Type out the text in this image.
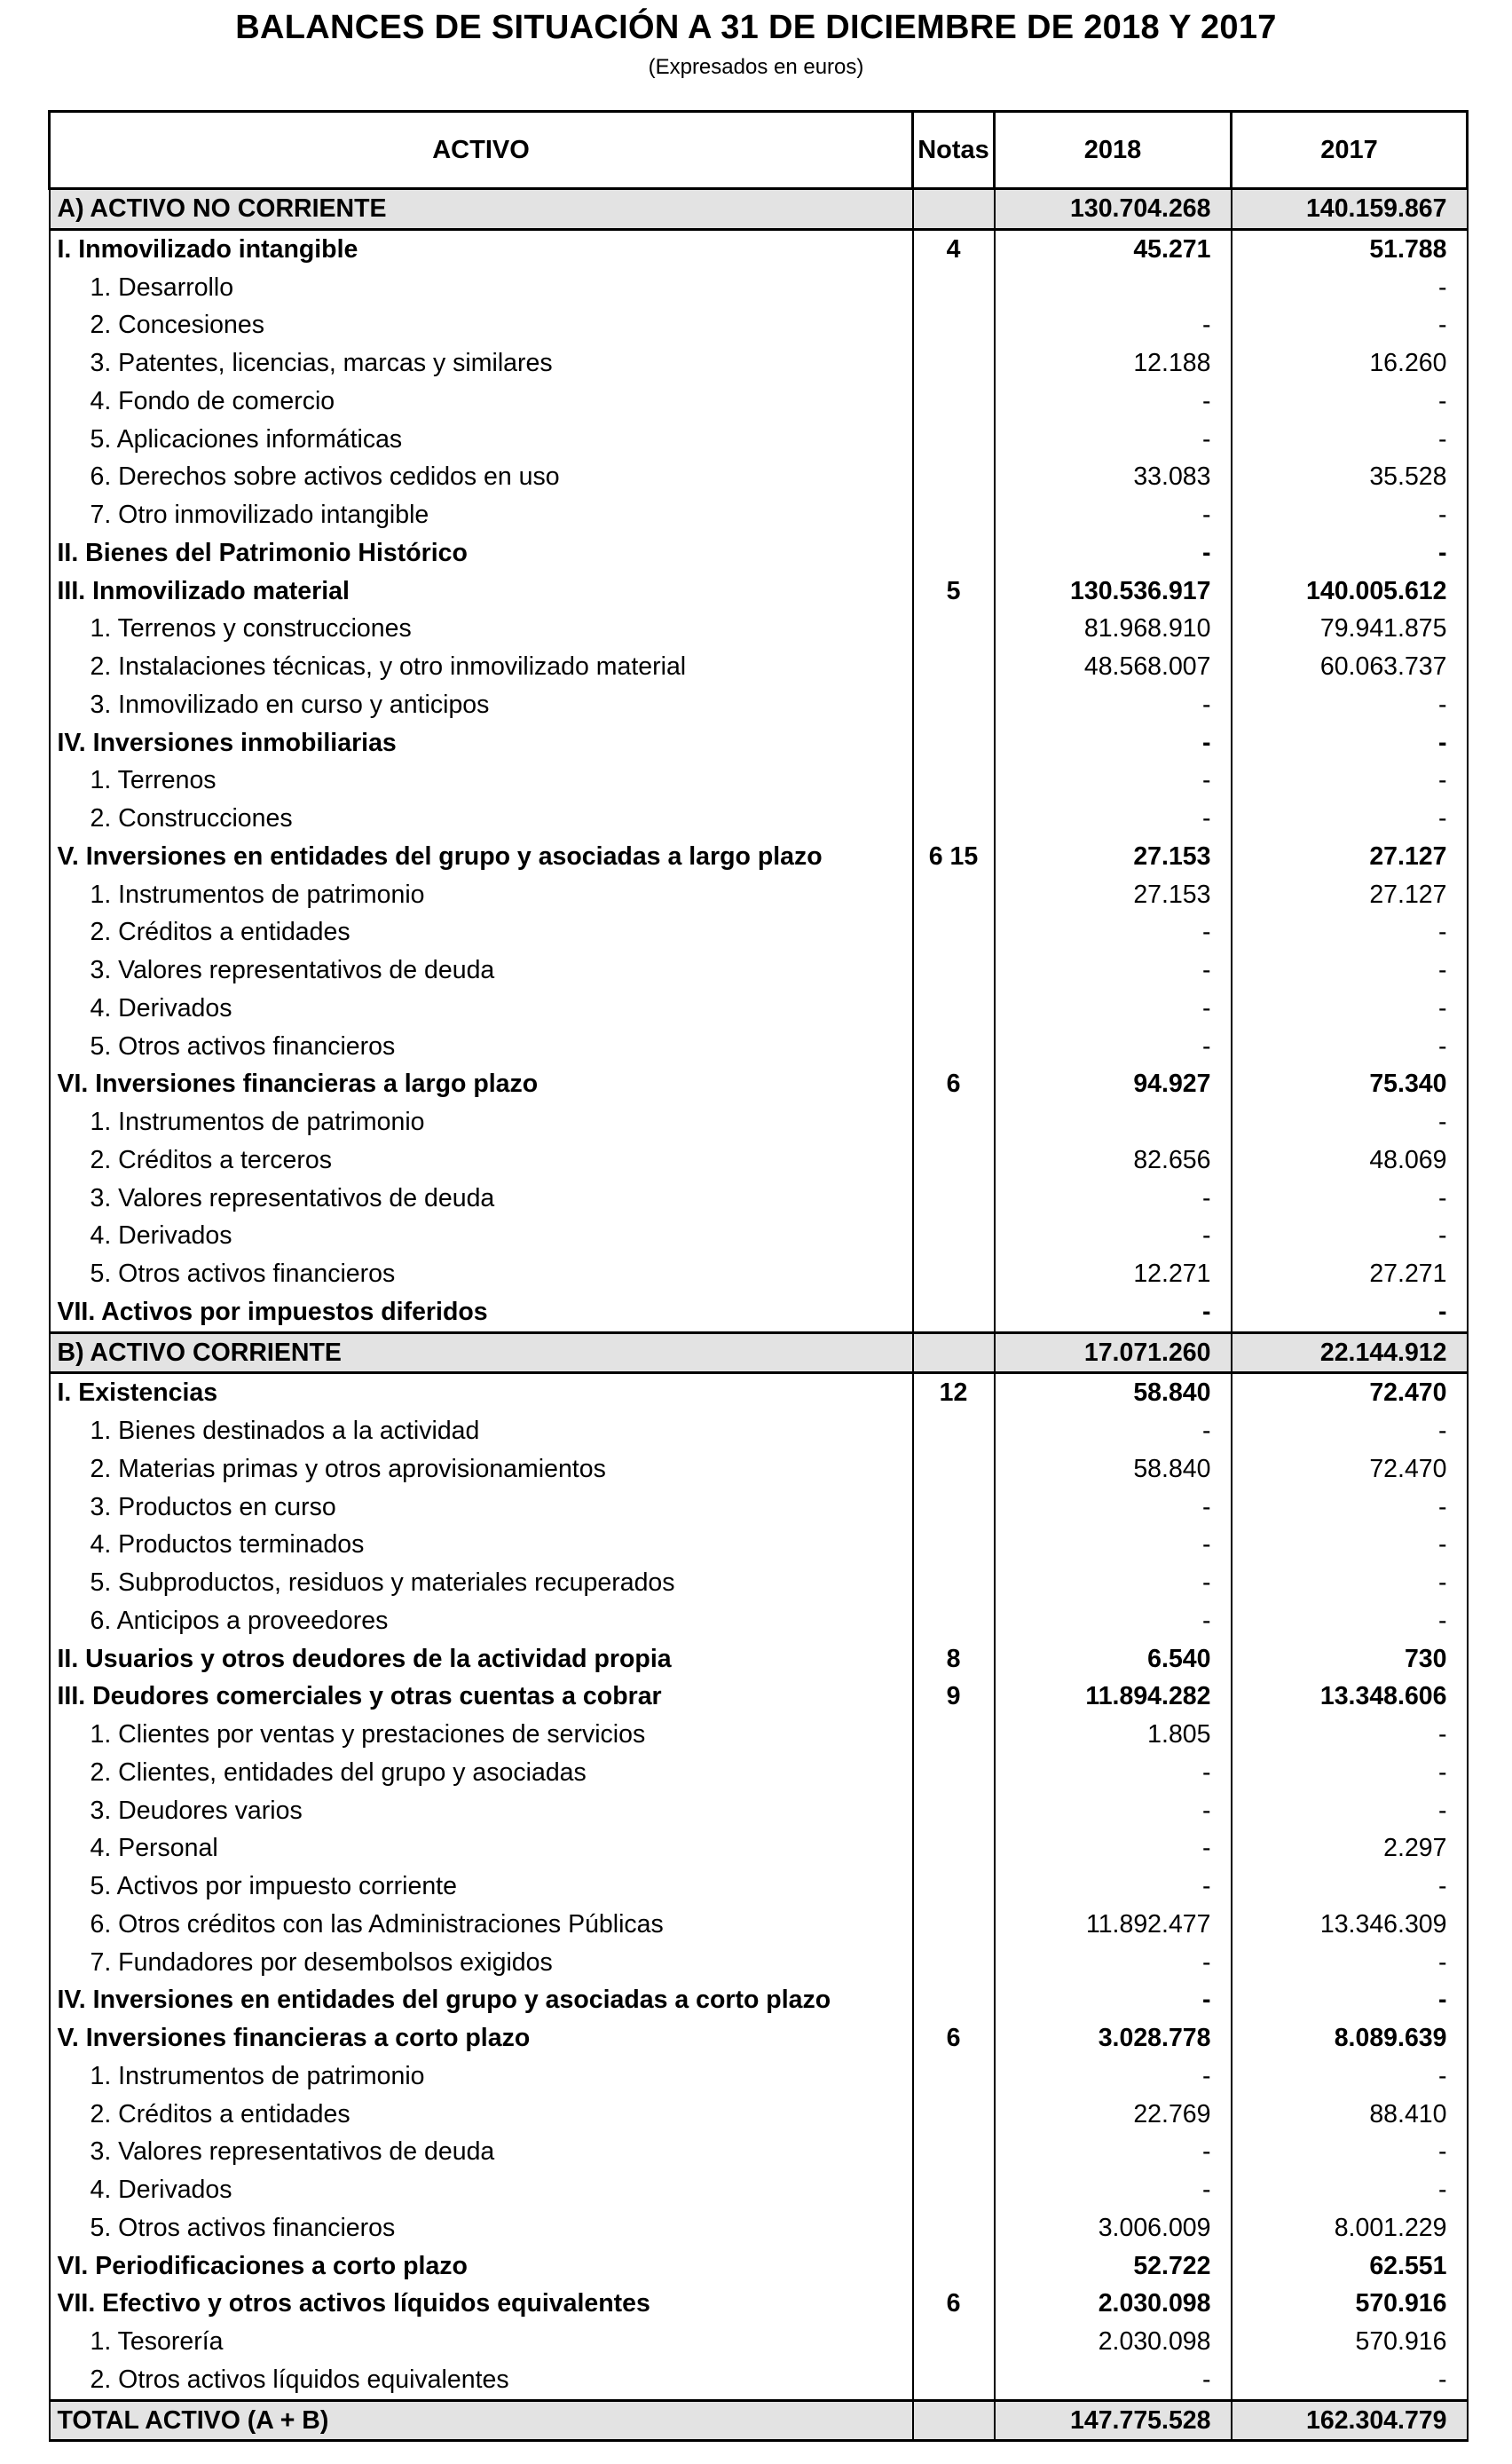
BALANCES DE SITUACIÓN A 31 DE DICIEMBRE DE 2018 Y 2017
(Expresados en euros)
ACTIVO	Notas	2018	2017
A) ACTIVO NO CORRIENTE		130.704.268	140.159.867
I. Inmovilizado intangible	4	45.271	51.788
1. Desarrollo			-
2. Concesiones		-	-
3. Patentes, licencias, marcas y similares		12.188	16.260
4. Fondo de comercio		-	-
5. Aplicaciones informáticas		-	-
6. Derechos sobre activos cedidos en uso		33.083	35.528
7. Otro inmovilizado intangible		-	-
II. Bienes del Patrimonio Histórico		-	-
III. Inmovilizado material	5	130.536.917	140.005.612
1. Terrenos y construcciones		81.968.910	79.941.875
2. Instalaciones técnicas, y otro inmovilizado material		48.568.007	60.063.737
3. Inmovilizado en curso y anticipos		-	-
IV. Inversiones inmobiliarias		-	-
1. Terrenos		-	-
2. Construcciones		-	-
V. Inversiones en entidades del grupo y asociadas a largo plazo	6 15	27.153	27.127
1. Instrumentos de patrimonio		27.153	27.127
2. Créditos a entidades		-	-
3. Valores representativos de deuda		-	-
4. Derivados		-	-
5. Otros activos financieros		-	-
VI. Inversiones financieras a largo plazo	6	94.927	75.340
1. Instrumentos de patrimonio			-
2. Créditos a terceros		82.656	48.069
3. Valores representativos de deuda		-	-
4. Derivados		-	-
5. Otros activos financieros		12.271	27.271
VII. Activos por impuestos diferidos		-	-
B) ACTIVO CORRIENTE		17.071.260	22.144.912
I. Existencias	12	58.840	72.470
1. Bienes destinados a la actividad		-	-
2. Materias primas y otros aprovisionamientos		58.840	72.470
3. Productos en curso		-	-
4. Productos terminados		-	-
5. Subproductos, residuos y materiales recuperados		-	-
6. Anticipos a proveedores		-	-
II. Usuarios y otros deudores de la actividad propia	8	6.540	730
III. Deudores comerciales y otras cuentas a cobrar	9	11.894.282	13.348.606
1. Clientes por ventas y prestaciones de servicios		1.805	-
2. Clientes, entidades del grupo y asociadas		-	-
3. Deudores varios		-	-
4. Personal		-	2.297
5. Activos por impuesto corriente		-	-
6. Otros créditos con las Administraciones Públicas		11.892.477	13.346.309
7. Fundadores por desembolsos exigidos		-	-
IV. Inversiones en entidades del grupo y asociadas a corto plazo		-	-
V. Inversiones financieras a corto plazo	6	3.028.778	8.089.639
1. Instrumentos de patrimonio		-	-
2. Créditos a entidades		22.769	88.410
3. Valores representativos de deuda		-	-
4. Derivados		-	-
5. Otros activos financieros		3.006.009	8.001.229
VI. Periodificaciones a corto plazo		52.722	62.551
VII. Efectivo y otros activos líquidos equivalentes	6	2.030.098	570.916
1. Tesorería		2.030.098	570.916
2. Otros activos líquidos equivalentes		-	-
TOTAL ACTIVO (A + B)		147.775.528	162.304.779
